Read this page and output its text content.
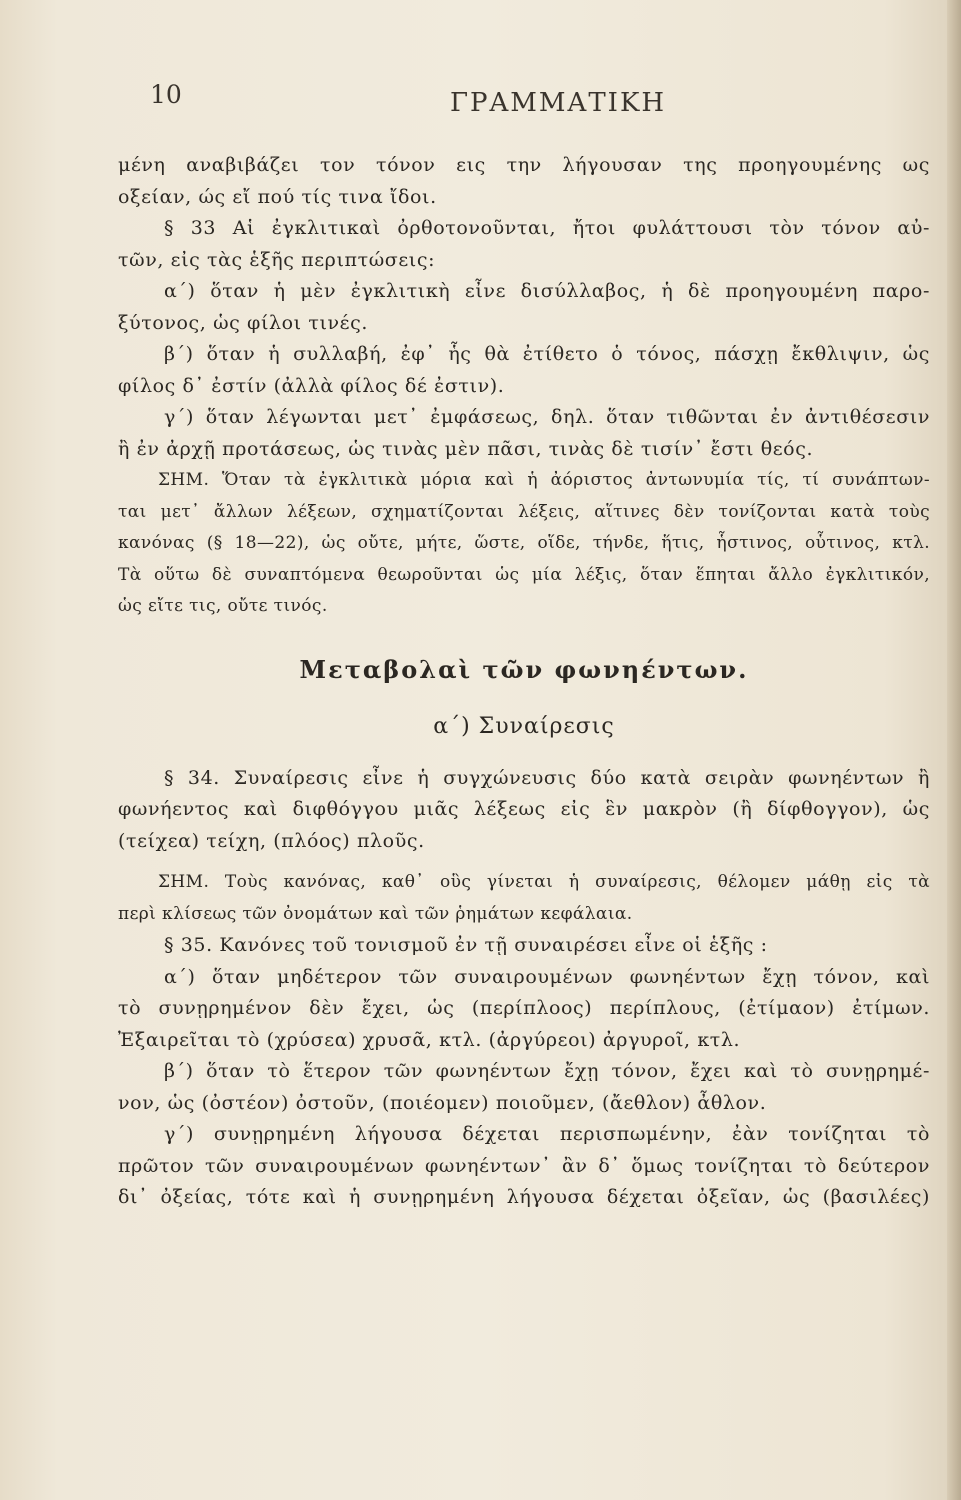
10	ΓΡΑΜΜΑΤΙΚΗ
μένη αναβιβάζει τον τόνον εις την λήγουσαν της προηγουμένης ως
οξείαν, ώς εἴ πού τίς τινα ἴδοι.
§ 33 Αἱ ἐγκλιτικαὶ ὀρθοτονοῦνται, ἤτοι φυλάττουσι τὸν τόνον αὐ-
τῶν, εἰς τὰς ἑξῆς περιπτώσεις:
α΄) ὅταν ἡ μὲν ἐγκλιτικὴ εἶνε δισύλλαβος, ἡ δὲ προηγουμένη παρο-
ξύτονος, ὡς φίλοι τινές.
β΄) ὅταν ἡ συλλαβή, ἐφ᾽ ἧς θὰ ἐτίθετο ὁ τόνος, πάσχῃ ἔκθλιψιν, ὡς
φίλος δ᾽ ἐστίν (ἀλλὰ φίλος δέ ἐστιν).
γ΄) ὅταν λέγωνται μετ᾽ ἐμφάσεως, δηλ. ὅταν τιθῶνται ἐν ἀντιθέσεσιν
ἢ ἐν ἀρχῇ προτάσεως, ὡς τινὰς μὲν πᾶσι, τινὰς δὲ τισίν᾽ ἔστι θεός.
ΣΗΜ. Ὅταν τὰ ἐγκλιτικὰ μόρια καὶ ἡ ἀόριστος ἀντωνυμία τίς, τί συνάπτων-
ται μετ᾽ ἄλλων λέξεων, σχηματίζονται λέξεις, αἵτινες δὲν τονίζονται κατὰ τοὺς
κανόνας (§ 18—22), ὡς οὔτε, μήτε, ὥστε, οἵδε, τήνδε, ἥτις, ἧστινος, οὗτινος, κτλ.
Τὰ οὕτω δὲ συναπτόμενα θεωροῦνται ὡς μία λέξις, ὅταν ἕπηται ἄλλο ἐγκλιτικόν,
ὡς εἴτε τις, οὔτε τινός.
Μεταβολαὶ τῶν φωνηέντων.
α΄) Συναίρεσις
§ 34. Συναίρεσις εἶνε ἡ συγχώνευσις δύο κατὰ σειρὰν φωνηέντων ἢ
φωνήεντος καὶ διφθόγγου μιᾶς λέξεως εἰς ἓν μακρὸν (ἢ δίφθογγον), ὡς
(τείχεα) τείχη, (πλόος) πλοῦς.
ΣΗΜ. Τοὺς κανόνας, καθ᾽ οὓς γίνεται ἡ συναίρεσις, θέλομεν μάθῃ εἰς τὰ
περὶ κλίσεως τῶν ὀνομάτων καὶ τῶν ῥημάτων κεφάλαια.
§ 35. Κανόνες τοῦ τονισμοῦ ἐν τῇ συναιρέσει εἶνε οἱ ἑξῆς :
α΄) ὅταν μηδέτερον τῶν συναιρουμένων φωνηέντων ἔχῃ τόνον, καὶ
τὸ συνῃρημένον δὲν ἔχει, ὡς (περίπλοος) περίπλους, (ἐτίμαον) ἐτίμων.
Ἐξαιρεῖται τὸ (χρύσεα) χρυσᾶ, κτλ. (ἀργύρεοι) ἀργυροῖ, κτλ.
β΄) ὅταν τὸ ἕτερον τῶν φωνηέντων ἔχῃ τόνον, ἔχει καὶ τὸ συνῃρημέ-
νον, ὡς (ὀστέον) ὀστοῦν, (ποιέομεν) ποιοῦμεν, (ἄεθλον) ἆθλον.
γ΄) συνῃρημένη λήγουσα δέχεται περισπωμένην, ἐὰν τονίζηται τὸ
πρῶτον τῶν συναιρουμένων φωνηέντων᾽ ἂν δ᾽ ὅμως τονίζηται τὸ δεύτερον
δι᾽ ὀξείας, τότε καὶ ἡ συνῃρημένη λήγουσα δέχεται ὀξεῖαν, ὡς (βασιλέες)
